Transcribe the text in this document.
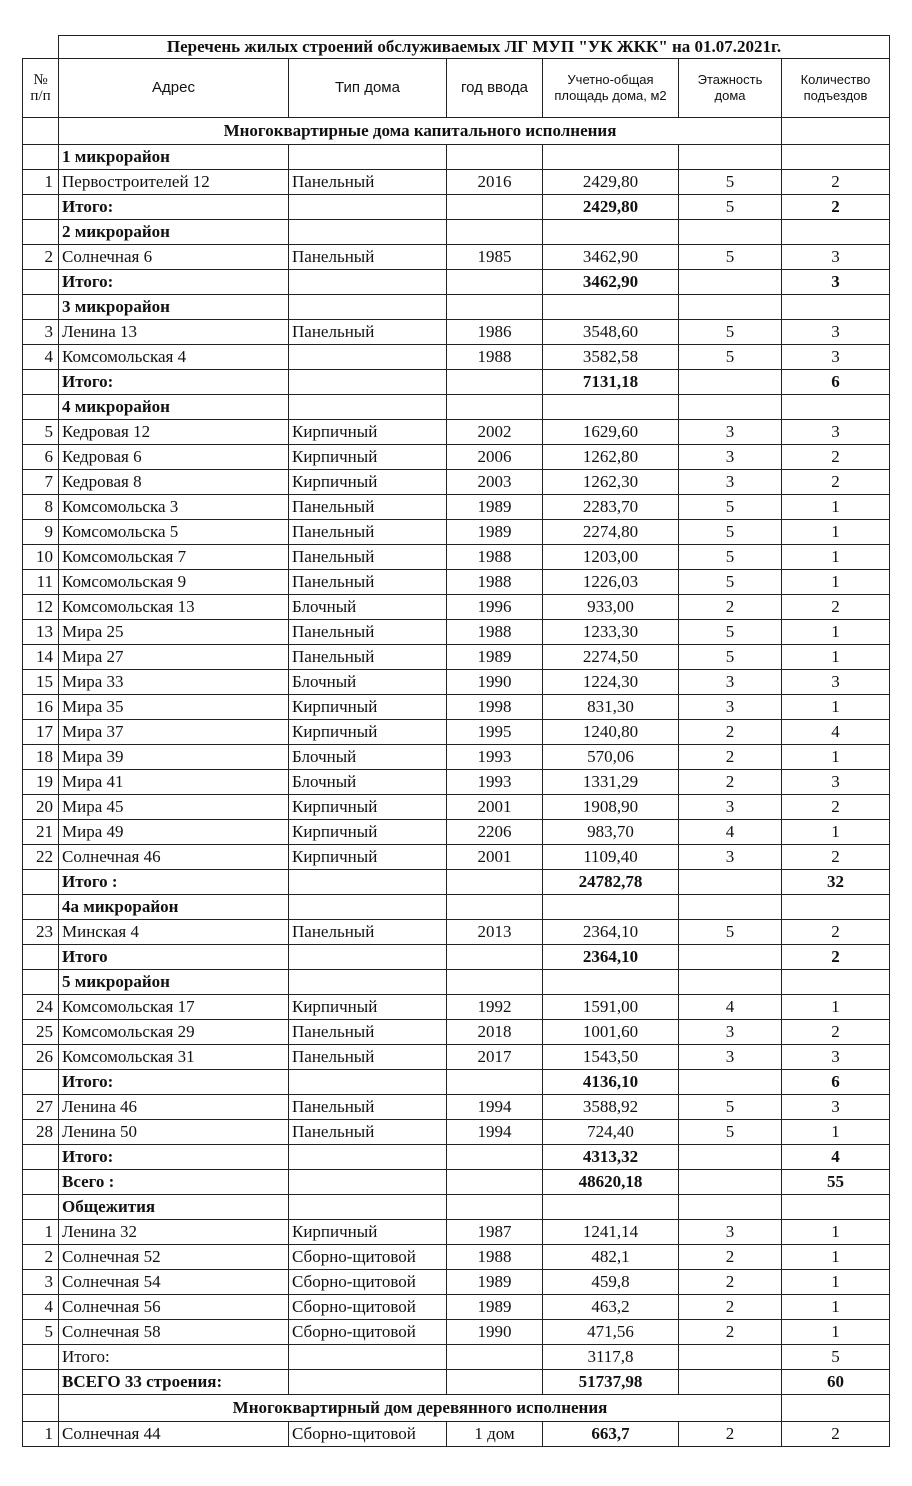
	Перечень жилых строений обслуживаемых ЛГ МУП "УК ЖКК" на 01.07.2021г.					
№ п/п	Адрес	Тип дома	год ввода	Учетно-общая площадь дома, м2	Этажность дома	Количество подъездов
	Многоквартирные дома капитального исполнения					
	1 микрорайон					
1	Первостроителей 12	Панельный	2016	2429,80	5	2
	Итого:			2429,80	5	2
	2 микрорайон					
2	Солнечная 6	Панельный	1985	3462,90	5	3
	Итого:			3462,90		3
	3 микрорайон					
3	Ленина 13	Панельный	1986	3548,60	5	3
4	Комсомольская 4		1988	3582,58	5	3
	Итого:			7131,18		6
	4 микрорайон					
5	Кедровая 12	Кирпичный	2002	1629,60	3	3
6	Кедровая 6	Кирпичный	2006	1262,80	3	2
7	Кедровая 8	Кирпичный	2003	1262,30	3	2
8	Комсомольска 3	Панельный	1989	2283,70	5	1
9	Комсомольска 5	Панельный	1989	2274,80	5	1
10	Комсомольская 7	Панельный	1988	1203,00	5	1
11	Комсомольская 9	Панельный	1988	1226,03	5	1
12	Комсомольская 13	Блочный	1996	933,00	2	2
13	Мира 25	Панельный	1988	1233,30	5	1
14	Мира 27	Панельный	1989	2274,50	5	1
15	Мира 33	Блочный	1990	1224,30	3	3
16	Мира 35	Кирпичный	1998	831,30	3	1
17	Мира 37	Кирпичный	1995	1240,80	2	4
18	Мира 39	Блочный	1993	570,06	2	1
19	Мира 41	Блочный	1993	1331,29	2	3
20	Мира 45	Кирпичный	2001	1908,90	3	2
21	Мира 49	Кирпичный	2206	983,70	4	1
22	Солнечная 46	Кирпичный	2001	1109,40	3	2
	Итого :			24782,78		32
	4а микрорайон					
23	Минская 4	Панельный	2013	2364,10	5	2
	Итого			2364,10		2
	5 микрорайон					
24	Комсомольская 17	Кирпичный	1992	1591,00	4	1
25	Комсомольская 29	Панельный	2018	1001,60	3	2
26	Комсомольская 31	Панельный	2017	1543,50	3	3
	Итого:			4136,10		6
27	Ленина 46	Панельный	1994	3588,92	5	3
28	Ленина 50	Панельный	1994	724,40	5	1
	Итого:			4313,32		4
	Всего :			48620,18		55
	Общежития					
1	Ленина 32	Кирпичный	1987	1241,14	3	1
2	Солнечная 52	Сборно-щитовой	1988	482,1	2	1
3	Солнечная 54	Сборно-щитовой	1989	459,8	2	1
4	Солнечная 56	Сборно-щитовой	1989	463,2	2	1
5	Солнечная 58	Сборно-щитовой	1990	471,56	2	1
	Итого:			3117,8		5
	ВСЕГО 33 строения:			51737,98		60
	Многоквартирный дом деревянного исполнения					
1	Солнечная 44	Сборно-щитовой	1 дом	663,7	2	2
